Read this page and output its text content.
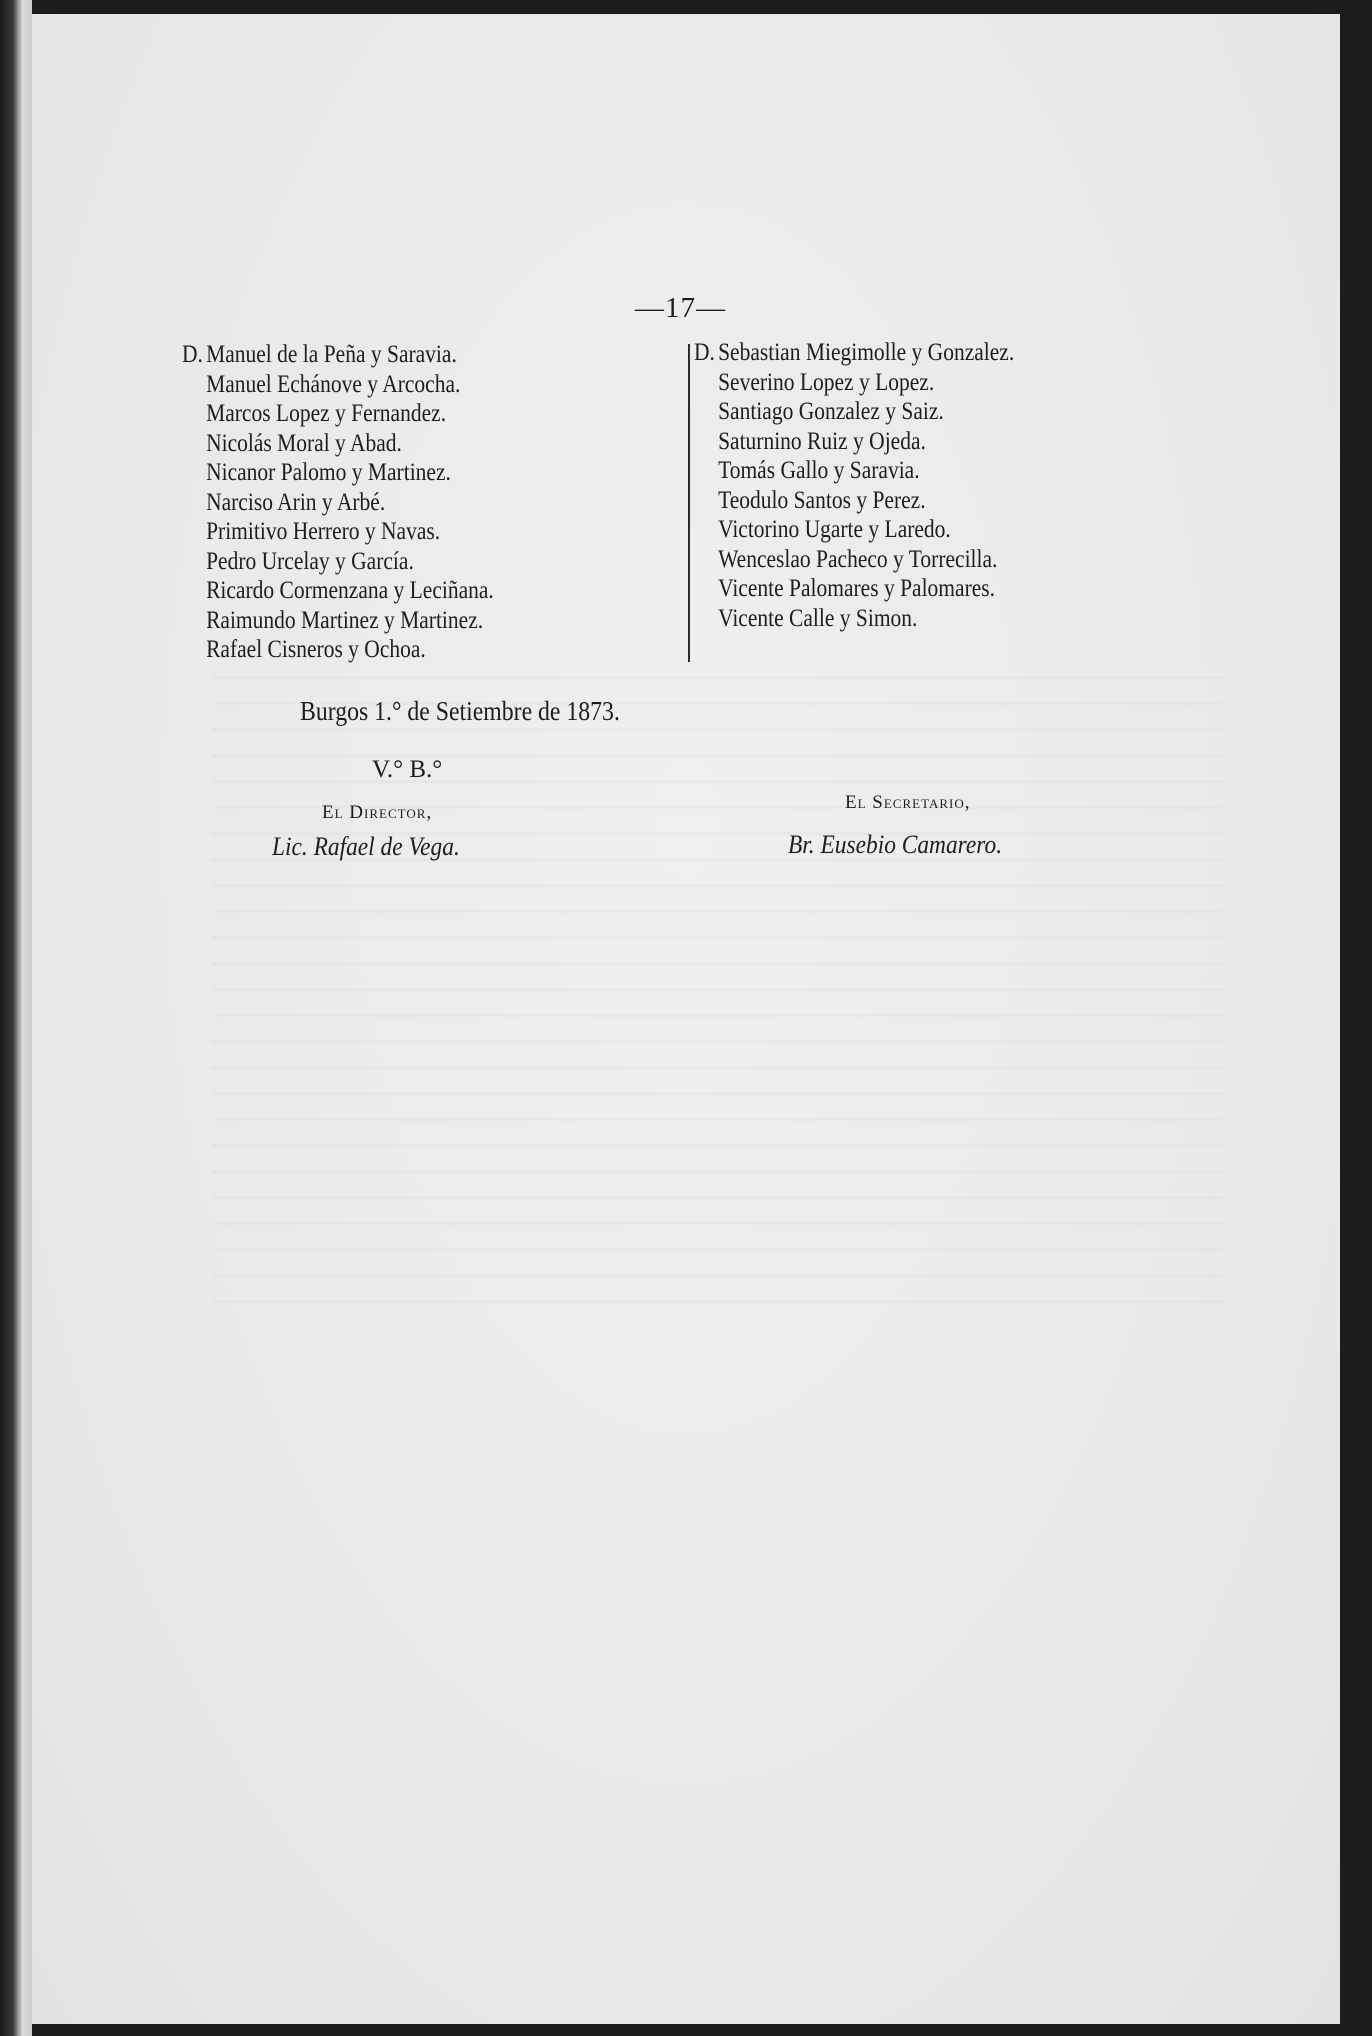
—17—
D. Manuel de la Peña y Saravia.
Manuel Echánove y Arcocha.
Marcos Lopez y Fernandez.
Nicolás Moral y Abad.
Nicanor Palomo y Martinez.
Narciso Arin y Arbé.
Primitivo Herrero y Navas.
Pedro Urcelay y García.
Ricardo Cormenzana y Leciñana.
Raimundo Martinez y Martinez.
Rafael Cisneros y Ochoa.
D. Sebastian Miegimolle y Gonzalez.
Severino Lopez y Lopez.
Santiago Gonzalez y Saiz.
Saturnino Ruiz y Ojeda.
Tomás Gallo y Saravia.
Teodulo Santos y Perez.
Victorino Ugarte y Laredo.
Wenceslao Pacheco y Torrecilla.
Vicente Palomares y Palomares.
Vicente Calle y Simon.
Burgos 1.° de Setiembre de 1873.
V.° B.°
El Director,
Lic. Rafael de Vega.
El Secretario,
Br. Eusebio Camarero.
